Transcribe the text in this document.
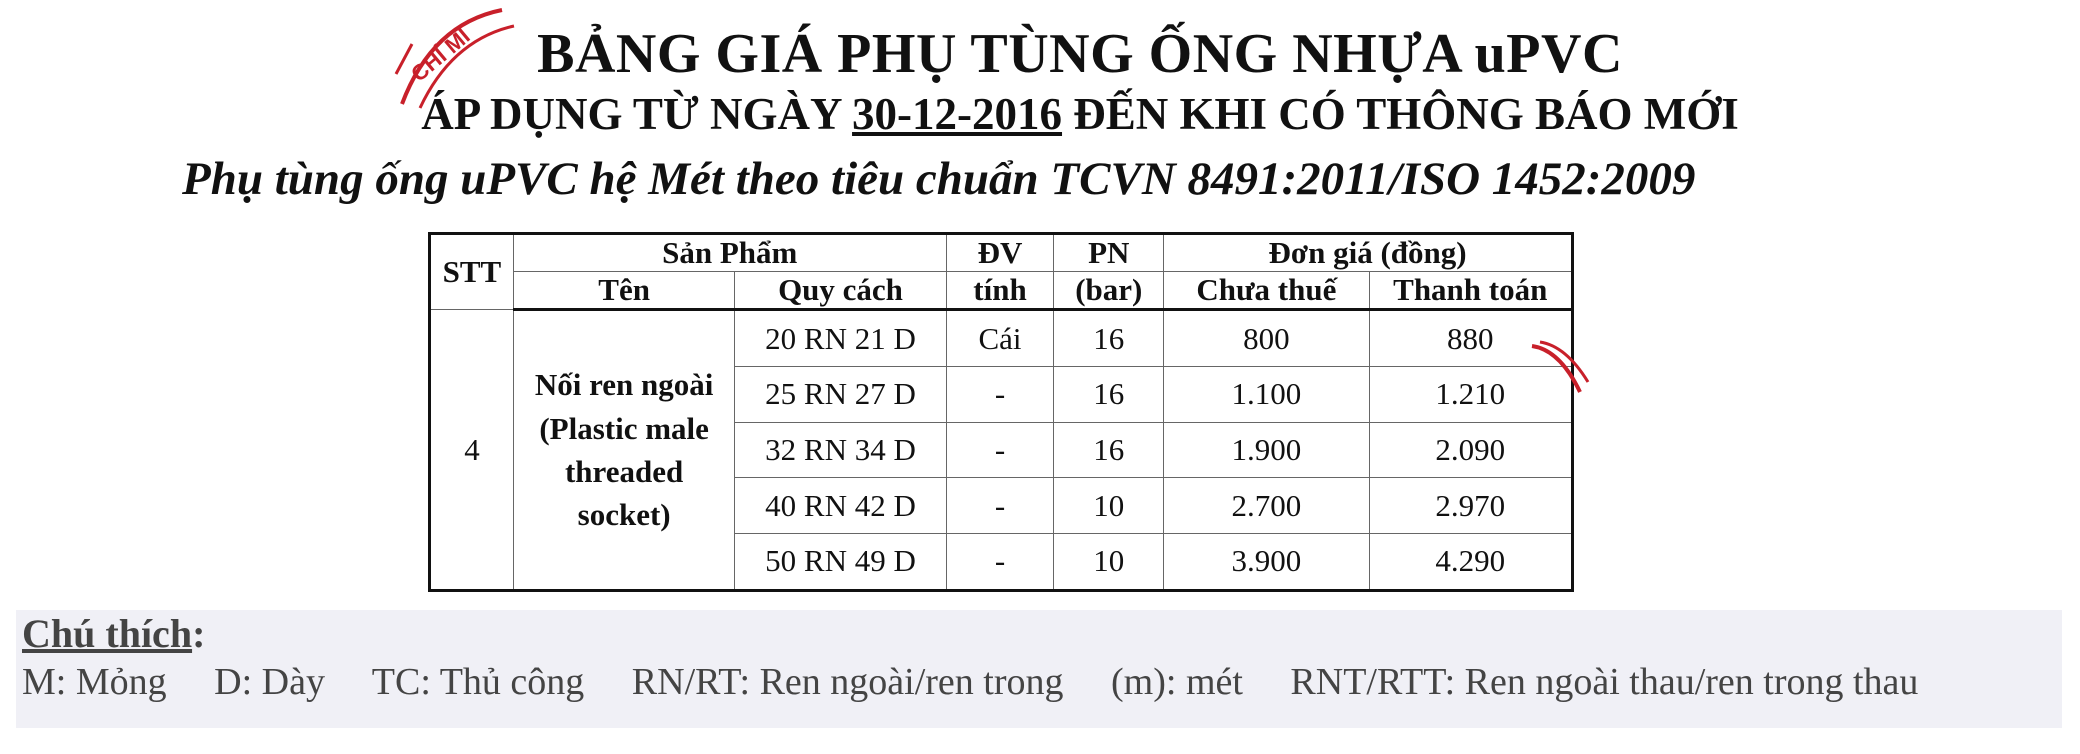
CHÍ MI	BẢNG GIÁ PHỤ TÙNG ỐNG NHỰA uPVC
ÁP DỤNG TỪ NGÀY 30-12-2016 ĐẾN KHI CÓ THÔNG BÁO MỚI
Phụ tùng ống uPVC hệ Mét theo tiêu chuẩn TCVN 8491:2011/ISO 1452:2009
STT	Sản Phẩm		ĐV	PN	Đơn giá (đồng)	
	Tên	Quy cách	tính	(bar)	Chưa thuế	Thanh toán
4	Nối ren ngoài
(Plastic male
threaded
socket)	20 RN 21 D	Cái	16	800	880
		25 RN 27 D	-	16	1.100	1.210
		32 RN 34 D	-	16	1.900	2.090
		40 RN 42 D	-	10	2.700	2.970
		50 RN 49 D	-	10	3.900	4.290
Chú thích:
M: Mỏng D: Dày TC: Thủ công RN/RT: Ren ngoài/ren trong (m): mét RNT/RTT: Ren ngoài thau/ren trong thau
